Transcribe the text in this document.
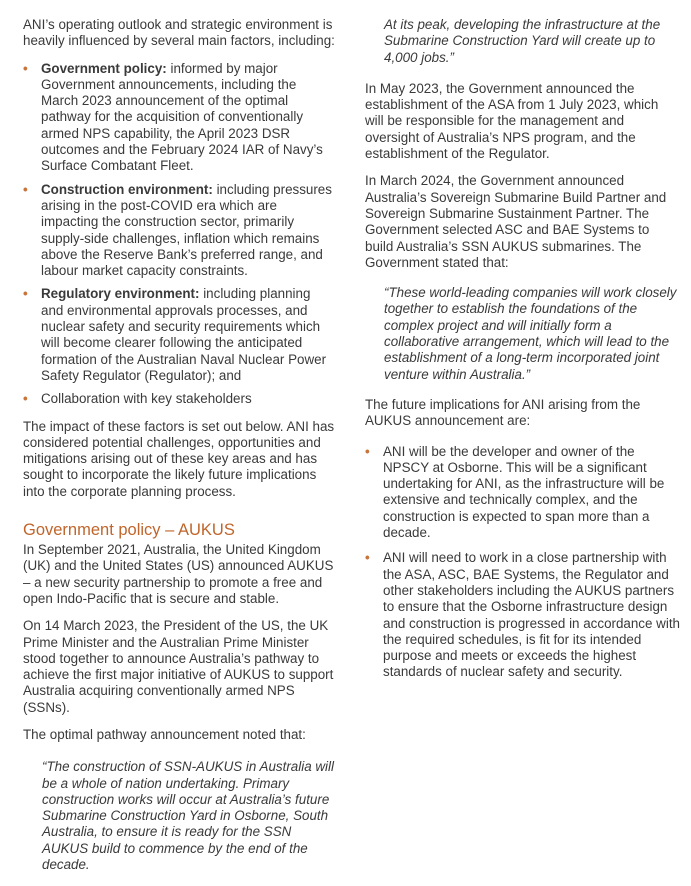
ANI’s operating outlook and strategic environment is heavily influenced by several main factors, including:

• Government policy: informed by major Government announcements, including the March 2023 announcement of the optimal pathway for the acquisition of conventionally armed NPS capability, the April 2023 DSR outcomes and the February 2024 IAR of Navy’s Surface Combatant Fleet.
• Construction environment: including pressures arising in the post-COVID era which are impacting the construction sector, primarily supply-side challenges, inflation which remains above the Reserve Bank’s preferred range, and labour market capacity constraints.
• Regulatory environment: including planning and environmental approvals processes, and nuclear safety and security requirements which will become clearer following the anticipated formation of the Australian Naval Nuclear Power Safety Regulator (Regulator); and
• Collaboration with key stakeholders

The impact of these factors is set out below. ANI has considered potential challenges, opportunities and mitigations arising out of these key areas and has sought to incorporate the likely future implications into the corporate planning process.

Government policy – AUKUS

In September 2021, Australia, the United Kingdom (UK) and the United States (US) announced AUKUS – a new security partnership to promote a free and open Indo-Pacific that is secure and stable.

On 14 March 2023, the President of the US, the UK Prime Minister and the Australian Prime Minister stood together to announce Australia’s pathway to achieve the first major initiative of AUKUS to support Australia acquiring conventionally armed NPS (SSNs).

The optimal pathway announcement noted that:

“The construction of SSN-AUKUS in Australia will be a whole of nation undertaking. Primary construction works will occur at Australia’s future Submarine Construction Yard in Osborne, South Australia, to ensure it is ready for the SSN AUKUS build to commence by the end of the decade.

At its peak, developing the infrastructure at the Submarine Construction Yard will create up to 4,000 jobs.”

In May 2023, the Government announced the establishment of the ASA from 1 July 2023, which will be responsible for the management and oversight of Australia’s NPS program, and the establishment of the Regulator.

In March 2024, the Government announced Australia’s Sovereign Submarine Build Partner and Sovereign Submarine Sustainment Partner. The Government selected ASC and BAE Systems to build Australia’s SSN AUKUS submarines. The Government stated that:

“These world-leading companies will work closely together to establish the foundations of the complex project and will initially form a collaborative arrangement, which will lead to the establishment of a long-term incorporated joint venture within Australia.”

The future implications for ANI arising from the AUKUS announcement are:

• ANI will be the developer and owner of the NPSCY at Osborne. This will be a significant undertaking for ANI, as the infrastructure will be extensive and technically complex, and the construction is expected to span more than a decade.
• ANI will need to work in a close partnership with the ASA, ASC, BAE Systems, the Regulator and other stakeholders including the AUKUS partners to ensure that the Osborne infrastructure design and construction is progressed in accordance with the required schedules, is fit for its intended purpose and meets or exceeds the highest standards of nuclear safety and security.
